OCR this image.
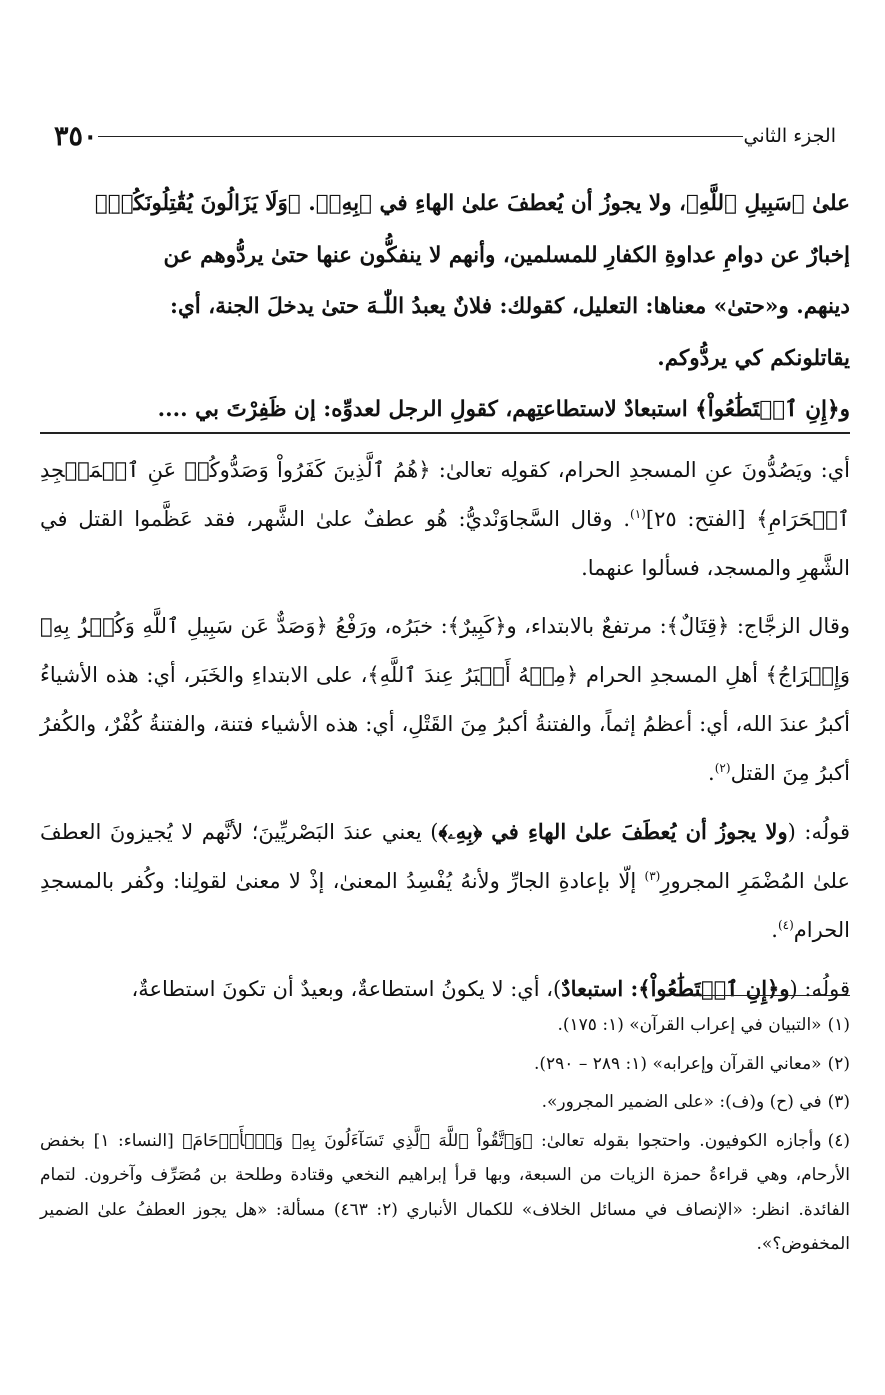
الجزء الثاني
٣٥٠

علىٰ ﴿سَبِيلِ ٱللَّهِ﴾، ولا يجوزُ أن يُعطفَ علىٰ الهاءِ في ﴿بِهِۦ﴾. ﴿وَلَا يَزَالُونَ يُقَٰتِلُونَكُمۡ﴾

إخبارٌ عن دوامِ عداوةِ الكفارِ للمسلمين، وأنهم لا ينفكُّون عنها حتىٰ يردُّوهم عن

دينهم. و«حتىٰ» معناها: التعليل، كقولك: فلانٌ يعبدُ اللّٰـهَ حتىٰ يدخلَ الجنة، أي:

يقاتلونكم كي يردُّوكم.

و﴿إِنِ ٱسۡتَطَٰعُواْ﴾ استبعادٌ لاستطاعتِهم، كقولِ الرجل لعدوِّه: إن ظَفِرْتَ بي ....

أي: ويَصُدُّونَ عنِ المسجدِ الحرام، كقولِه تعالىٰ: ﴿هُمُ ٱلَّذِينَ كَفَرُواْ وَصَدُّوكُمۡ عَنِ ٱلۡمَسۡجِدِ ٱلۡحَرَامِ﴾ [الفتح: ٢٥]$^{(١)}$. وقال السَّجاوَنْديُّ: هُو عطفٌ علىٰ الشَّهر، فقد عَظَّموا القتل في الشَّهرِ والمسجد، فسألوا عنهما.

وقال الزجَّاج: ﴿قِتَالٌ﴾: مرتفعٌ بالابتداء، و﴿كَبِيرٌ﴾: خبَرُه، ورَفْعُ ﴿وَصَدٌّ عَن سَبِيلِ ٱللَّهِ وَكُفۡرُۢ بِهِۦ وَإِخۡرَاجُ﴾ أهلِ المسجدِ الحرام ﴿مِنۡهُ أَكۡبَرُ عِندَ ٱللَّهِ﴾، على الابتداءِ والخَبَر، أي: هذه الأشياءُ أكبرُ عندَ الله، أي: أعظمُ إثماً، والفتنةُ أكبرُ مِنَ القَتْلِ، أي: هذه الأشياء فتنة، والفتنةُ كُفْرٌ، والكُفرُ أكبرُ مِنَ القتل$^{(٢)}$.

قولُه: (ولا يجوزُ أن يُعطَفَ علىٰ الهاءِ في ﴿بِهِۦ﴾) يعني عندَ البَصْريِّينَ؛ لأنَّهم لا يُجيزونَ العطفَ علىٰ المُضْمَرِ المجرورِ$^{(٣)}$ إلّا بإعادةِ الجارِّ ولأنهُ يُفْسِدُ المعنىٰ، إذْ لا معنىٰ لقولِنا: وكُفر بالمسجدِ الحرام$^{(٤)}$.

قولُه: (و﴿إِنِ ٱسۡتَطَٰعُواْ﴾: استبعادٌ)، أي: لا يكونُ استطاعةٌ، وبعيدٌ أن تكونَ استطاعةٌ،

(١)«التبيان في إعراب القرآن» (١: ١٧٥).

(٢)«معاني القرآن وإعرابه» (١: ٢٨٩ – ٢٩٠).

(٣)في (ح) و(ف): «على الضمير المجرور».

(٤)وأجازه الكوفيون. واحتجوا بقوله تعالىٰ: ﴿وَٱتَّقُواْ ٱللَّهَ ٱلَّذِي تَسَآءَلُونَ بِهِۦ وَٱلۡأَرۡحَامَ﴾ [النساء: ١] بخفض الأرحام، وهي قراءةُ حمزة الزيات من السبعة، وبها قرأ إبراهيم النخعي وقتادة وطلحة بن مُصَرِّف وآخرون. لتمام الفائدة. انظر: «الإنصاف في مسائل الخلاف» للكمال الأنباري (٢: ٤٦٣) مسألة: «هل يجوز العطفُ علىٰ الضمير المخفوض؟».
